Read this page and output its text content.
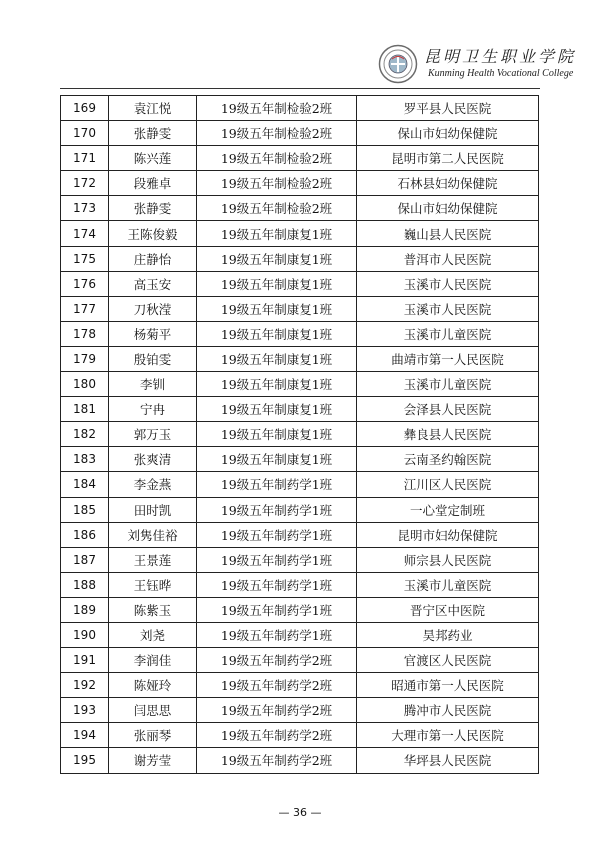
昆明卫生职业学院
Kunming Health Vocational College
169	袁江悦	19级五年制检验2班	罗平县人民医院
170	张静雯	19级五年制检验2班	保山市妇幼保健院
171	陈兴莲	19级五年制检验2班	昆明市第二人民医院
172	段雅卓	19级五年制检验2班	石林县妇幼保健院
173	张静雯	19级五年制检验2班	保山市妇幼保健院
174	王陈俊毅	19级五年制康复1班	巍山县人民医院
175	庄静怡	19级五年制康复1班	普洱市人民医院
176	高玉安	19级五年制康复1班	玉溪市人民医院
177	刀秋滢	19级五年制康复1班	玉溪市人民医院
178	杨菊平	19级五年制康复1班	玉溪市儿童医院
179	殷铂雯	19级五年制康复1班	曲靖市第一人民医院
180	李钏	19级五年制康复1班	玉溪市儿童医院
181	宁冉	19级五年制康复1班	会泽县人民医院
182	郭万玉	19级五年制康复1班	彝良县人民医院
183	张爽清	19级五年制康复1班	云南圣约翰医院
184	李金燕	19级五年制药学1班	江川区人民医院
185	田时凯	19级五年制药学1班	一心堂定制班
186	刘隽佳裕	19级五年制药学1班	昆明市妇幼保健院
187	王景莲	19级五年制药学1班	师宗县人民医院
188	王钰晔	19级五年制药学1班	玉溪市儿童医院
189	陈紫玉	19级五年制药学1班	晋宁区中医院
190	刘尧	19级五年制药学1班	昊邦药业
191	李润佳	19级五年制药学2班	官渡区人民医院
192	陈娅玲	19级五年制药学2班	昭通市第一人民医院
193	闫思思	19级五年制药学2班	腾冲市人民医院
194	张丽琴	19级五年制药学2班	大理市第一人民医院
195	谢芳莹	19级五年制药学2班	华坪县人民医院
— 36 —
